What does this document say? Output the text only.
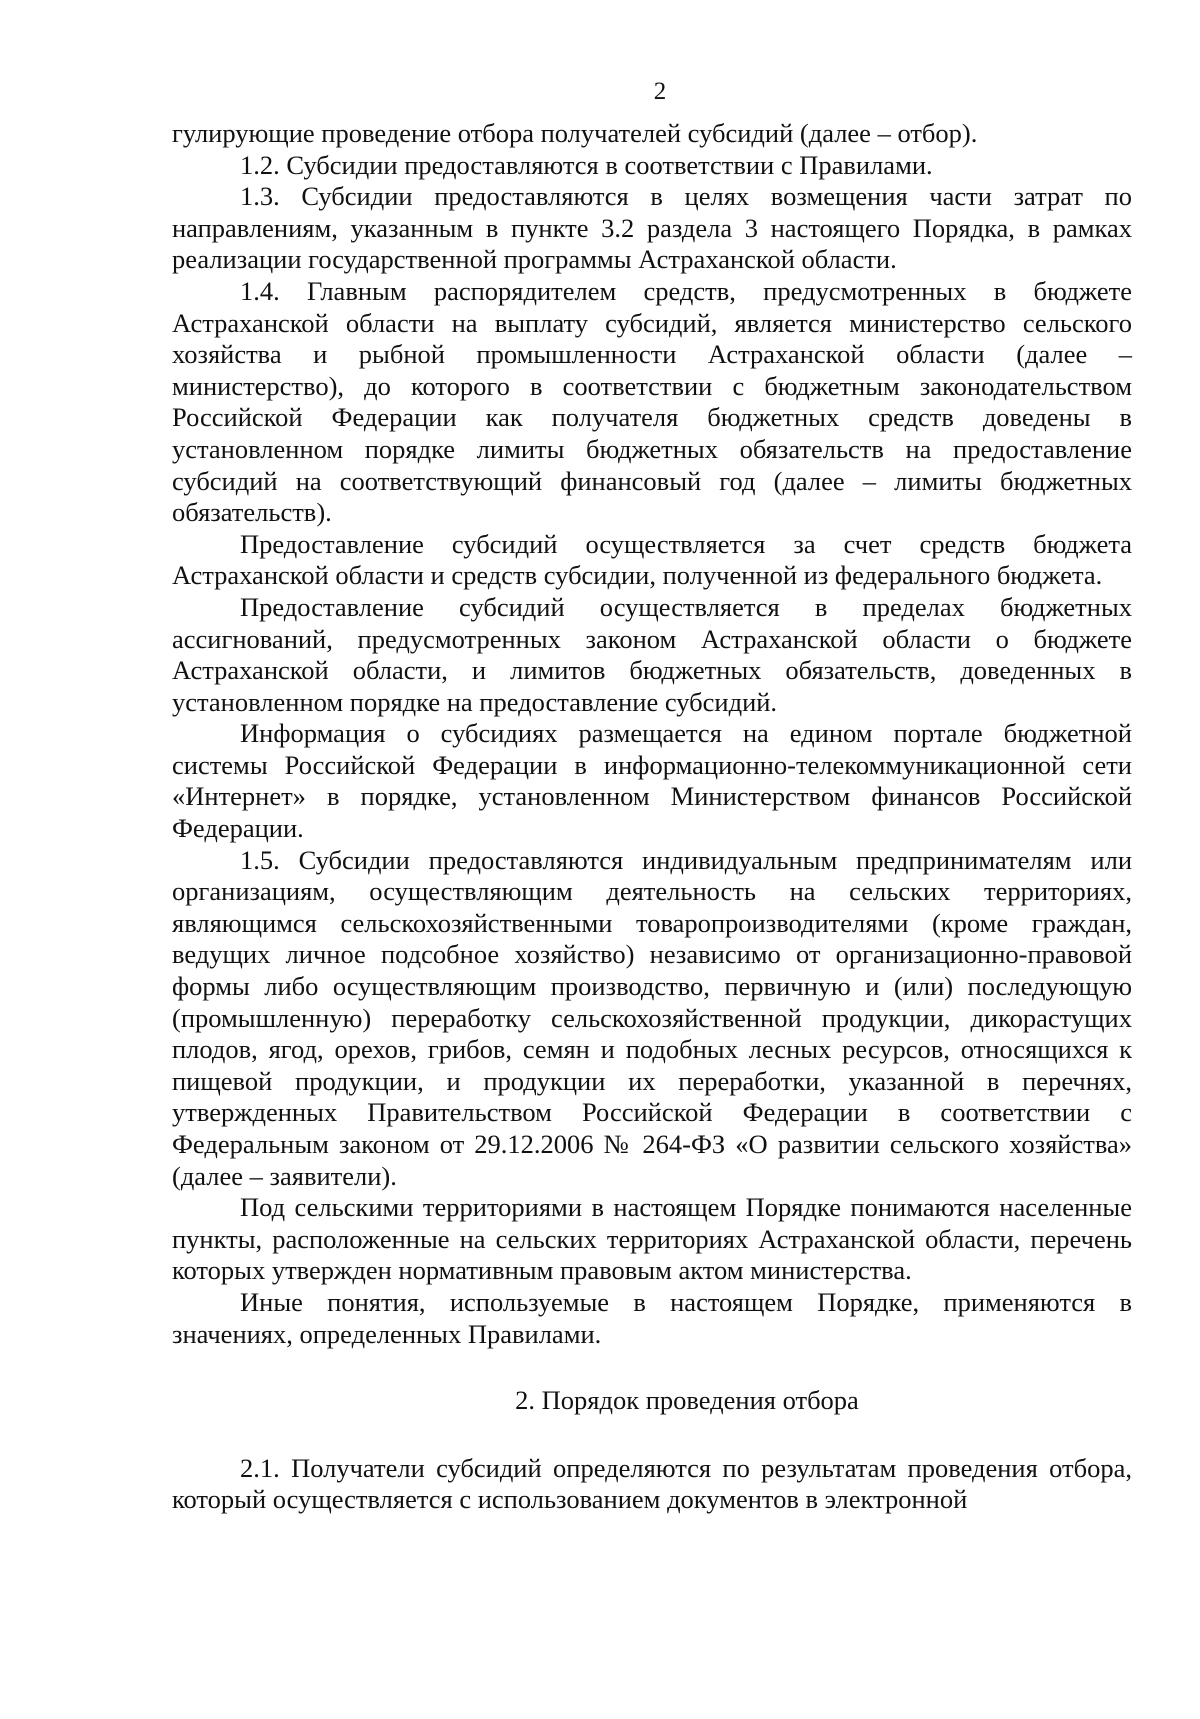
2

гулирующие проведение отбора получателей субсидий (далее – отбор).

1.2. Субсидии предоставляются в соответствии с Правилами.

1.3. Субсидии предоставляются в целях возмещения части затрат по направлениям, указанным в пункте 3.2 раздела 3 настоящего Порядка, в рамках реализации государственной программы Астраханской области.

1.4. Главным распорядителем средств, предусмотренных в бюджете Астраханской области на выплату субсидий, является министерство сельского хозяйства и рыбной промышленности Астраханской области (далее – министерство), до которого в соответствии с бюджетным законодательством Российской Федерации как получателя бюджетных средств доведены в установленном порядке лимиты бюджетных обязательств на предоставление субсидий на соответствующий финансовый год (далее – лимиты бюджетных обязательств).

Предоставление субсидий осуществляется за счет средств бюджета Астраханской области и средств субсидии, полученной из федерального бюджета.

Предоставление субсидий осуществляется в пределах бюджетных ассигнований, предусмотренных законом Астраханской области о бюджете Астраханской области, и лимитов бюджетных обязательств, доведенных в установленном порядке на предоставление субсидий.

Информация о субсидиях размещается на едином портале бюджетной системы Российской Федерации в информационно-телекоммуникационной сети «Интернет» в порядке, установленном Министерством финансов Российской Федерации.

1.5. Субсидии предоставляются индивидуальным предпринимателям или организациям, осуществляющим деятельность на сельских территориях, являющимся сельскохозяйственными товаропроизводителями (кроме граждан, ведущих личное подсобное хозяйство) независимо от организационно-правовой формы либо осуществляющим производство, первичную и (или) последующую (промышленную) переработку сельскохозяйственной продукции, дикорастущих плодов, ягод, орехов, грибов, семян и подобных лесных ресурсов, относящихся к пищевой продукции, и продукции их переработки, указанной в перечнях, утвержденных Правительством Российской Федерации в соответствии с Федеральным законом от 29.12.2006 № 264-ФЗ «О развитии сельского хозяйства» (далее – заявители).

Под сельскими территориями в настоящем Порядке понимаются населенные пункты, расположенные на сельских территориях Астраханской области, перечень которых утвержден нормативным правовым актом министерства.

Иные понятия, используемые в настоящем Порядке, применяются в значениях, определенных Правилами.

2. Порядок проведения отбора

2.1. Получатели субсидий определяются по результатам проведения отбора, который осуществляется с использованием документов в электронной
